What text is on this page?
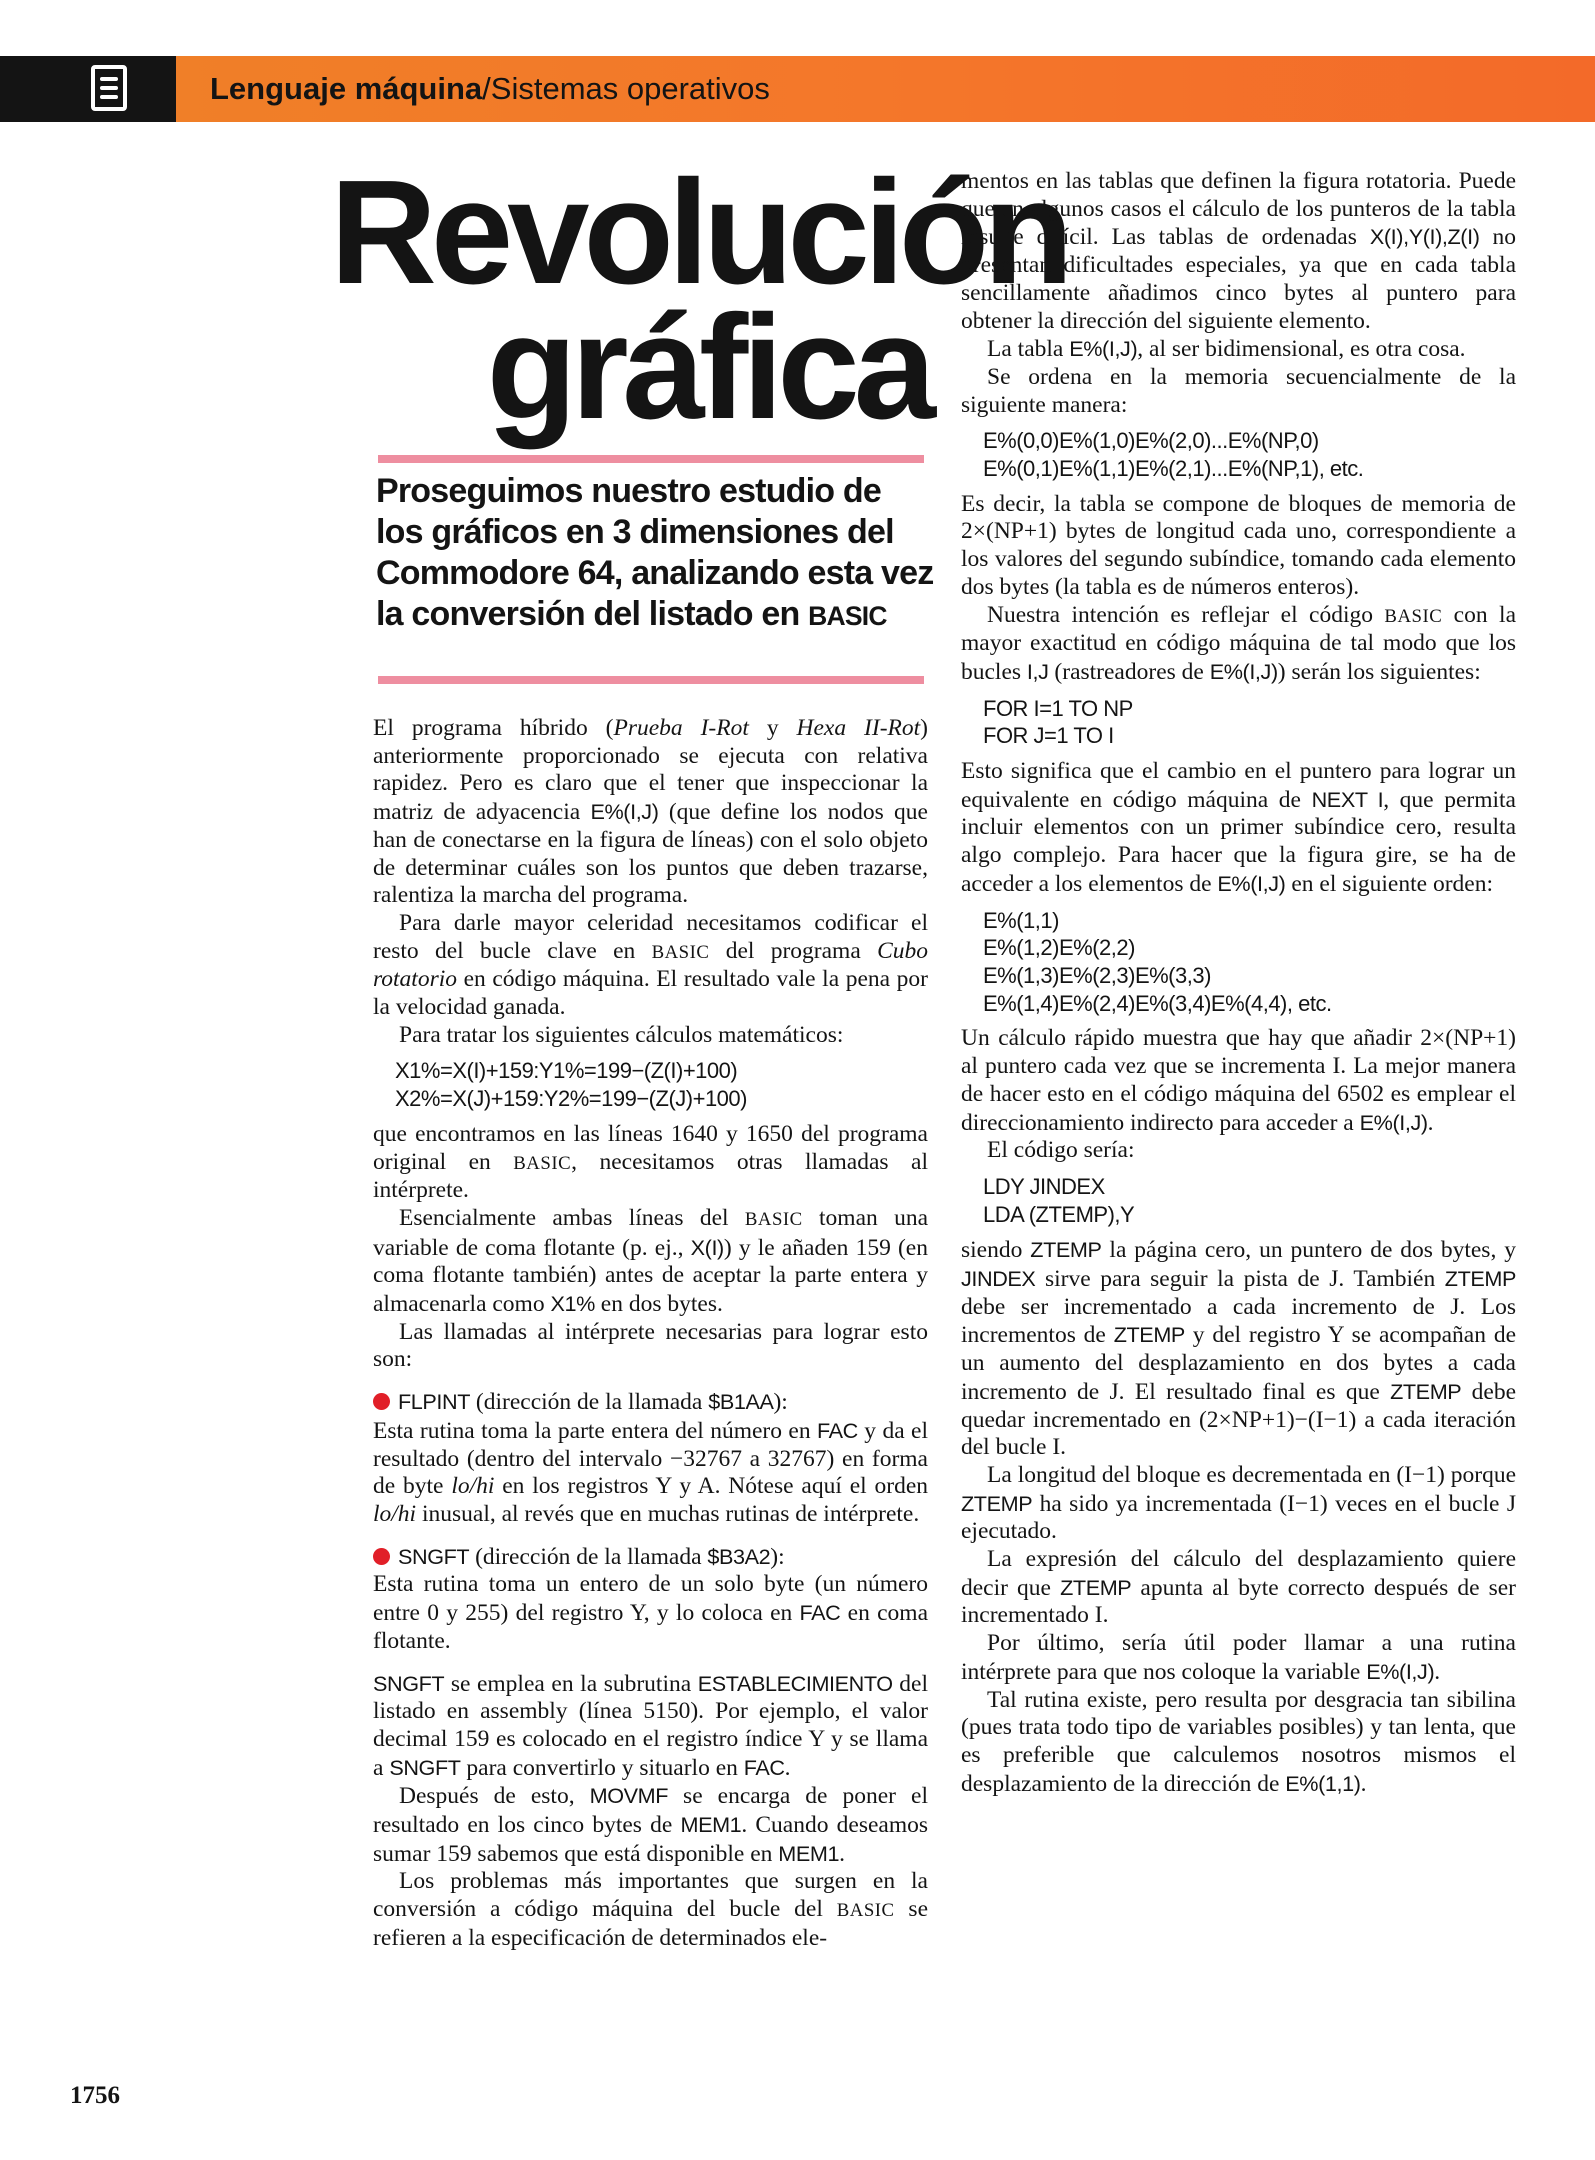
Lenguaje máquina/Sistemas operativos
Revolución
gráfica
Proseguimos nuestro estudio de los gráficos en 3 dimensiones del Commodore 64, analizando esta vez la conversión del listado en BASIC

El programa híbrido (Prueba I-Rot y Hexa II-Rot) anteriormente proporcionado se ejecuta con relativa rapidez. Pero es claro que el tener que inspeccionar la matriz de adyacencia E%(I,J) (que define los nodos que han de conectarse en la figura de líneas) con el solo objeto de determinar cuáles son los puntos que deben trazarse, ralentiza la marcha del programa.

Para darle mayor celeridad necesitamos codificar el resto del bucle clave en BASIC del programa Cubo rotatorio en código máquina. El resultado vale la pena por la velocidad ganada.

Para tratar los siguientes cálculos matemáticos:

X1%=X(I)+159:Y1%=199−(Z(I)+100)
X2%=X(J)+159:Y2%=199−(Z(J)+100)

que encontramos en las líneas 1640 y 1650 del programa original en BASIC, necesitamos otras llamadas al intérprete.

Esencialmente ambas líneas del BASIC toman una variable de coma flotante (p. ej., X(I)) y le añaden 159 (en coma flotante también) antes de aceptar la parte entera y almacenarla como X1% en dos bytes.

Las llamadas al intérprete necesarias para lograr esto son:

FLPINT (dirección de la llamada $B1AA):
Esta rutina toma la parte entera del número en FAC y da el resultado (dentro del intervalo −32767 a 32767) en forma de byte lo/hi en los registros Y y A. Nótese aquí el orden lo/hi inusual, al revés que en muchas rutinas de intérprete.

SNGFT (dirección de la llamada $B3A2):
Esta rutina toma un entero de un solo byte (un número entre 0 y 255) del registro Y, y lo coloca en FAC en coma flotante.

SNGFT se emplea en la subrutina ESTABLECIMIENTO del listado en assembly (línea 5150). Por ejemplo, el valor decimal 159 es colocado en el registro índice Y y se llama a SNGFT para convertirlo y situarlo en FAC.

Después de esto, MOVMF se encarga de poner el resultado en los cinco bytes de MEM1. Cuando deseamos sumar 159 sabemos que está disponible en MEM1.

Los problemas más importantes que surgen en la conversión a código máquina del bucle del BASIC se refieren a la especificación de determinados ele-

mentos en las tablas que definen la figura rotatoria. Puede que en algunos casos el cálculo de los punteros de la tabla resulte difícil. Las tablas de ordenadas X(I),Y(I),Z(I) no presentan dificultades especiales, ya que en cada tabla sencillamente añadimos cinco bytes al puntero para obtener la dirección del siguiente elemento.

La tabla E%(I,J), al ser bidimensional, es otra cosa.

Se ordena en la memoria secuencialmente de la siguiente manera:

E%(0,0)E%(1,0)E%(2,0)...E%(NP,0)
E%(0,1)E%(1,1)E%(2,1)...E%(NP,1), etc.

Es decir, la tabla se compone de bloques de memoria de 2×(NP+1) bytes de longitud cada uno, correspondiente a los valores del segundo subíndice, tomando cada elemento dos bytes (la tabla es de números enteros).

Nuestra intención es reflejar el código BASIC con la mayor exactitud en código máquina de tal modo que los bucles I,J (rastreadores de E%(I,J)) serán los siguientes:

FOR I=1 TO NP
FOR J=1 TO I

Esto significa que el cambio en el puntero para lograr un equivalente en código máquina de NEXT I, que permita incluir elementos con un primer subíndice cero, resulta algo complejo. Para hacer que la figura gire, se ha de acceder a los elementos de E%(I,J) en el siguiente orden:

E%(1,1)
E%(1,2)E%(2,2)
E%(1,3)E%(2,3)E%(3,3)
E%(1,4)E%(2,4)E%(3,4)E%(4,4), etc.

Un cálculo rápido muestra que hay que añadir 2×(NP+1) al puntero cada vez que se incrementa I. La mejor manera de hacer esto en el código máquina del 6502 es emplear el direccionamiento indirecto para acceder a E%(I,J).

El código sería:

LDY JINDEX
LDA (ZTEMP),Y

siendo ZTEMP la página cero, un puntero de dos bytes, y JINDEX sirve para seguir la pista de J. También ZTEMP debe ser incrementado a cada incremento de J. Los incrementos de ZTEMP y del registro Y se acompañan de un aumento del desplazamiento en dos bytes a cada incremento de J. El resultado final es que ZTEMP debe quedar incrementado en (2×NP+1)−(I−1) a cada iteración del bucle I.

La longitud del bloque es decrementada en (I−1) porque ZTEMP ha sido ya incrementada (I−1) veces en el bucle J ejecutado.

La expresión del cálculo del desplazamiento quiere decir que ZTEMP apunta al byte correcto después de ser incrementado I.

Por último, sería útil poder llamar a una rutina intérprete para que nos coloque la variable E%(I,J).

Tal rutina existe, pero resulta por desgracia tan sibilina (pues trata todo tipo de variables posibles) y tan lenta, que es preferible que calculemos nosotros mismos el desplazamiento de la dirección de E%(1,1).

1756
